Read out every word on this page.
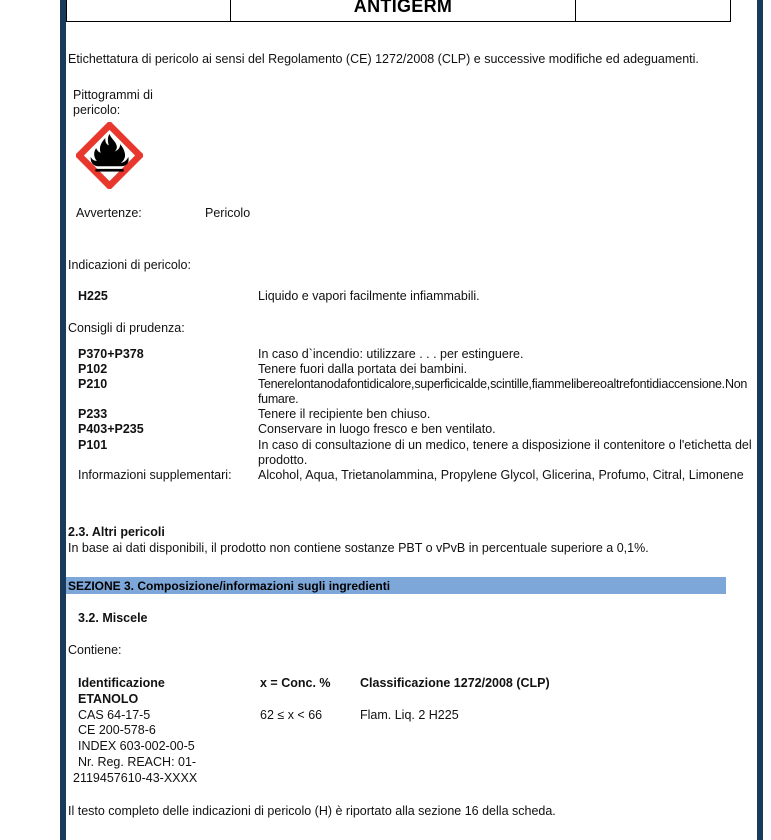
ANTIGERM
Etichettatura di pericolo ai sensi del Regolamento (CE) 1272/2008 (CLP) e successive modifiche ed adeguamenti.
Pittogrammi di pericolo:
Avvertenze:	Pericolo
Indicazioni di pericolo:
H225	Liquido e vapori facilmente infiammabili.
Consigli di prudenza:
P370+P378	In caso d`incendio: utilizzare . . . per estinguere.
P102	Tenere fuori dalla portata dei bambini.
P210	Tenere lontano da fonti di calore, superfici calde, scintille, fiamme libere o altre fonti di accensione. Non fumare.
P233	Tenere il recipiente ben chiuso.
P403+P235	Conservare in luogo fresco e ben ventilato.
P101	In caso di consultazione di un medico, tenere a disposizione il contenitore o l'etichetta del prodotto.
Informazioni supplementari:	Alcohol, Aqua, Trietanolammina, Propylene Glycol, Glicerina, Profumo, Citral, Limonene
2.3. Altri pericoli
In base ai dati disponibili, il prodotto non contiene sostanze PBT o vPvB in percentuale superiore a 0,1%.
SEZIONE 3. Composizione/informazioni sugli ingredienti
3.2. Miscele
Contiene:
Identificazione	x = Conc. %	Classificazione 1272/2008 (CLP)
ETANOLO
CAS 64-17-5	62 ≤ x < 66	Flam. Liq. 2 H225
CE 200-578-6
INDEX 603-002-00-5
Nr. Reg. REACH: 01-
2119457610-43-XXXX
Il testo completo delle indicazioni di pericolo (H) è riportato alla sezione 16 della scheda.
